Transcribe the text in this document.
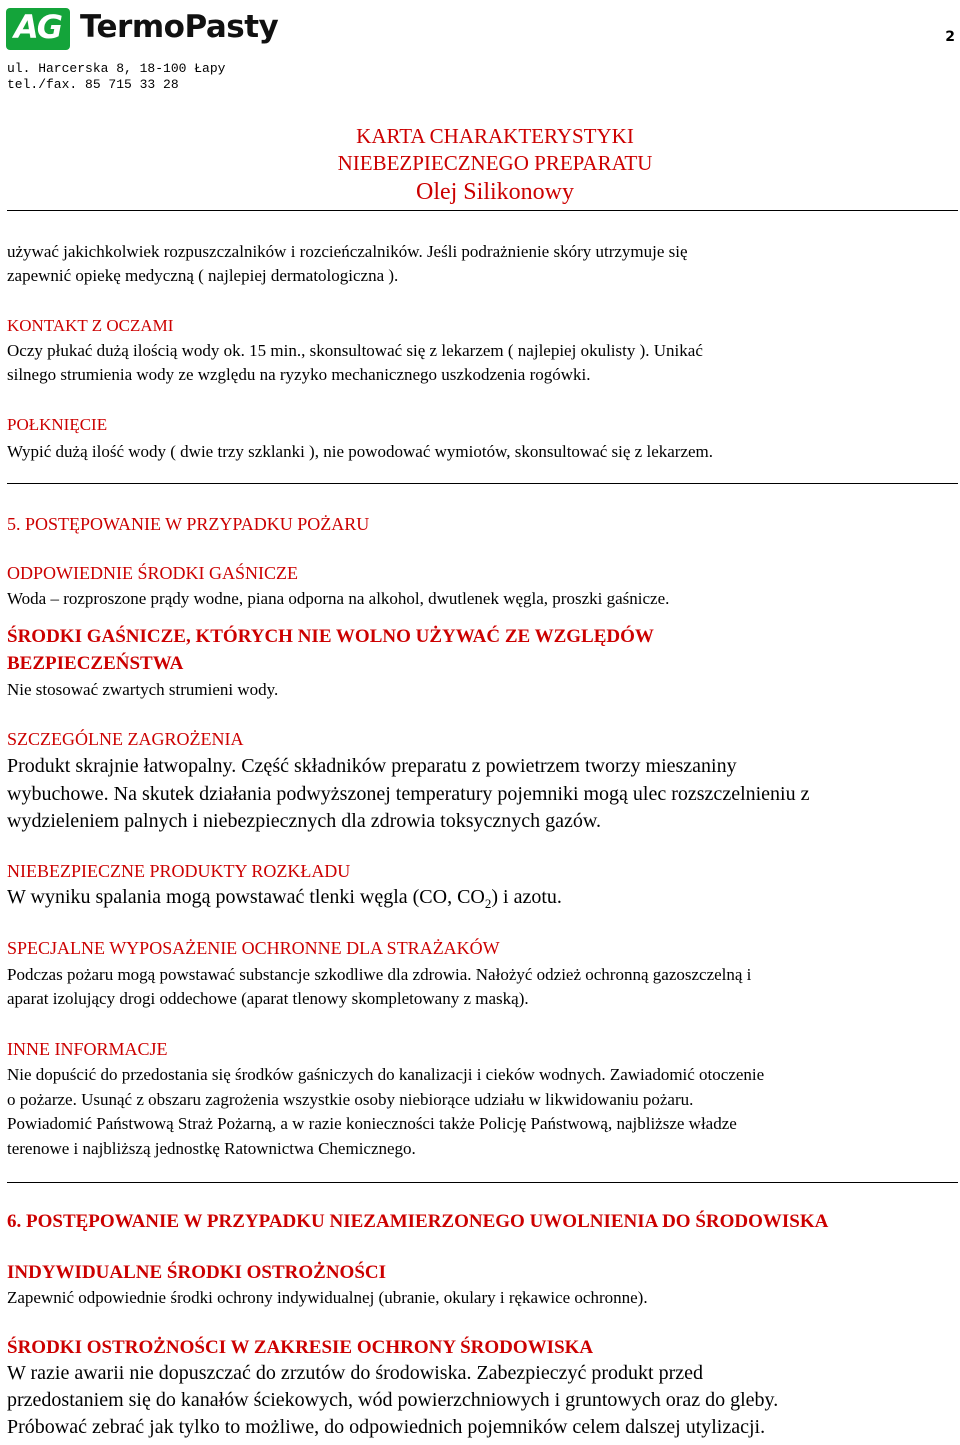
AG TermoPasty	2
ul. Harcerska 8, 18-100 Łapy
tel./fax. 85 715 33 28
KARTA CHARAKTERYSTYKI
NIEBEZPIECZNEGO PREPARATU
Olej Silikonowy
używać jakichkolwiek rozpuszczalników i rozcieńczalników. Jeśli podrażnienie skóry utrzymuje się
zapewnić opiekę medyczną ( najlepiej dermatologiczna ).
KONTAKT Z OCZAMI
Oczy płukać dużą ilością wody ok. 15 min., skonsultować się z lekarzem ( najlepiej okulisty ). Unikać
silnego strumienia wody ze względu na ryzyko mechanicznego uszkodzenia rogówki.
POŁKNIĘCIE
Wypić dużą ilość wody ( dwie trzy szklanki ), nie powodować wymiotów, skonsultować się z lekarzem.
5. POSTĘPOWANIE W PRZYPADKU POŻARU
ODPOWIEDNIE ŚRODKI GAŚNICZE
Woda – rozproszone prądy wodne, piana odporna na alkohol, dwutlenek węgla, proszki gaśnicze.
ŚRODKI GAŚNICZE, KTÓRYCH NIE WOLNO UŻYWAĆ ZE WZGLĘDÓW
BEZPIECZEŃSTWA
Nie stosować zwartych strumieni wody.
SZCZEGÓLNE ZAGROŻENIA
Produkt skrajnie łatwopalny. Część składników preparatu z powietrzem tworzy mieszaniny
wybuchowe. Na skutek działania podwyższonej temperatury pojemniki mogą ulec rozszczelnieniu z
wydzieleniem palnych i niebezpiecznych dla zdrowia toksycznych gazów.
NIEBEZPIECZNE PRODUKTY ROZKŁADU
W wyniku spalania mogą powstawać tlenki węgla (CO, $CO_2$) i azotu.
SPECJALNE WYPOSAŻENIE OCHRONNE DLA STRAŻAKÓW
Podczas pożaru mogą powstawać substancje szkodliwe dla zdrowia. Nałożyć odzież ochronną gazoszczelną i
aparat izolujący drogi oddechowe (aparat tlenowy skompletowany z maską).
INNE INFORMACJE
Nie dopuścić do przedostania się środków gaśniczych do kanalizacji i cieków wodnych. Zawiadomić otoczenie
o pożarze. Usunąć z obszaru zagrożenia wszystkie osoby niebiorące udziału w likwidowaniu pożaru.
Powiadomić Państwową Straż Pożarną, a w razie konieczności także Policję Państwową, najbliższe władze
terenowe i najbliższą jednostkę Ratownictwa Chemicznego.
6. POSTĘPOWANIE W PRZYPADKU NIEZAMIERZONEGO UWOLNIENIA DO ŚRODOWISKA
INDYWIDUALNE ŚRODKI OSTROŻNOŚCI
Zapewnić odpowiednie środki ochrony indywidualnej (ubranie, okulary i rękawice ochronne).
ŚRODKI OSTROŻNOŚCI W ZAKRESIE OCHRONY ŚRODOWISKA
W razie awarii nie dopuszczać do zrzutów do środowiska. Zabezpieczyć produkt przed
przedostaniem się do kanałów ściekowych, wód powierzchniowych i gruntowych oraz do gleby.
Próbować zebrać jak tylko to możliwe, do odpowiednich pojemników celem dalszej utylizacji.
